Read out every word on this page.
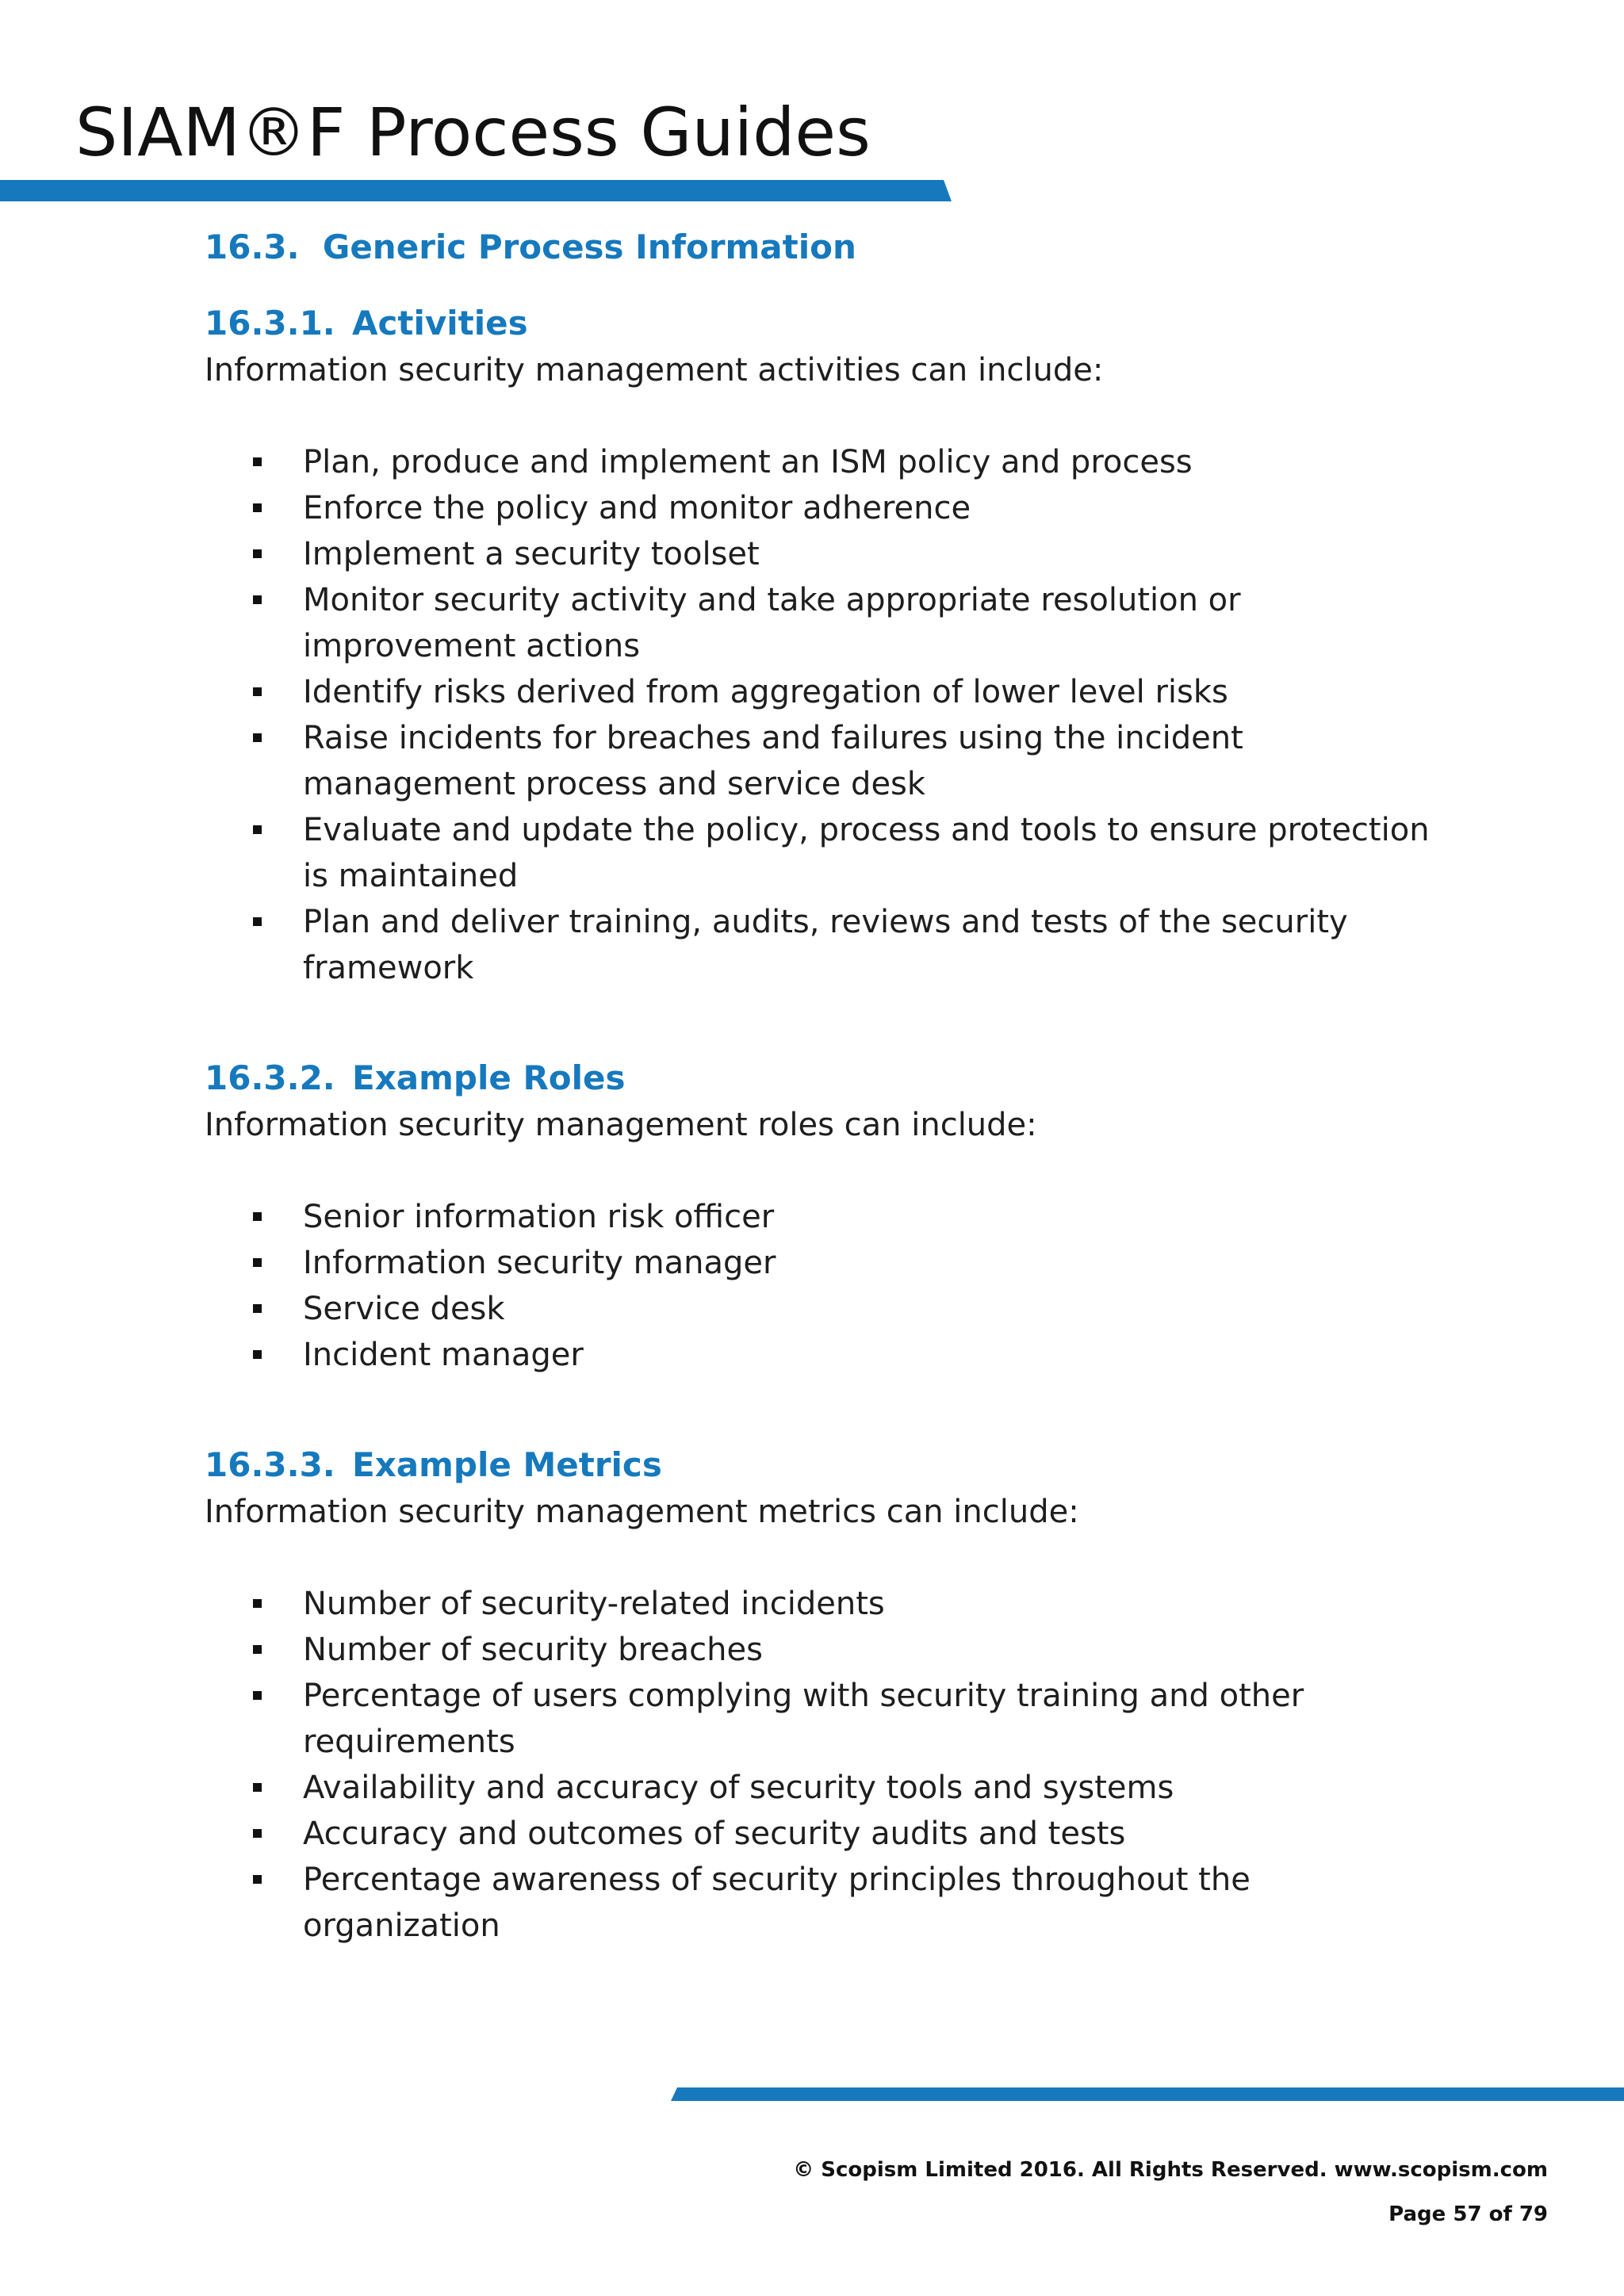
SIAM®F Process Guides
16.3. Generic Process Information
16.3.1. Activities

Information security management activities can include:

Plan, produce and implement an ISM policy and process
Enforce the policy and monitor adherence
Implement a security toolset
Monitor security activity and take appropriate resolution or improvement actions
Identify risks derived from aggregation of lower level risks
Raise incidents for breaches and failures using the incident management process and service desk
Evaluate and update the policy, process and tools to ensure protection is maintained
Plan and deliver training, audits, reviews and tests of the security framework
16.3.2. Example Roles

Information security management roles can include:

Senior information risk officer
Information security manager
Service desk
Incident manager
16.3.3. Example Metrics

Information security management metrics can include:

Number of security-related incidents
Number of security breaches
Percentage of users complying with security training and other requirements
Availability and accuracy of security tools and systems
Accuracy and outcomes of security audits and tests
Percentage awareness of security principles throughout the organization
© Scopism Limited 2016. All Rights Reserved. www.scopism.com
Page 57 of 79
